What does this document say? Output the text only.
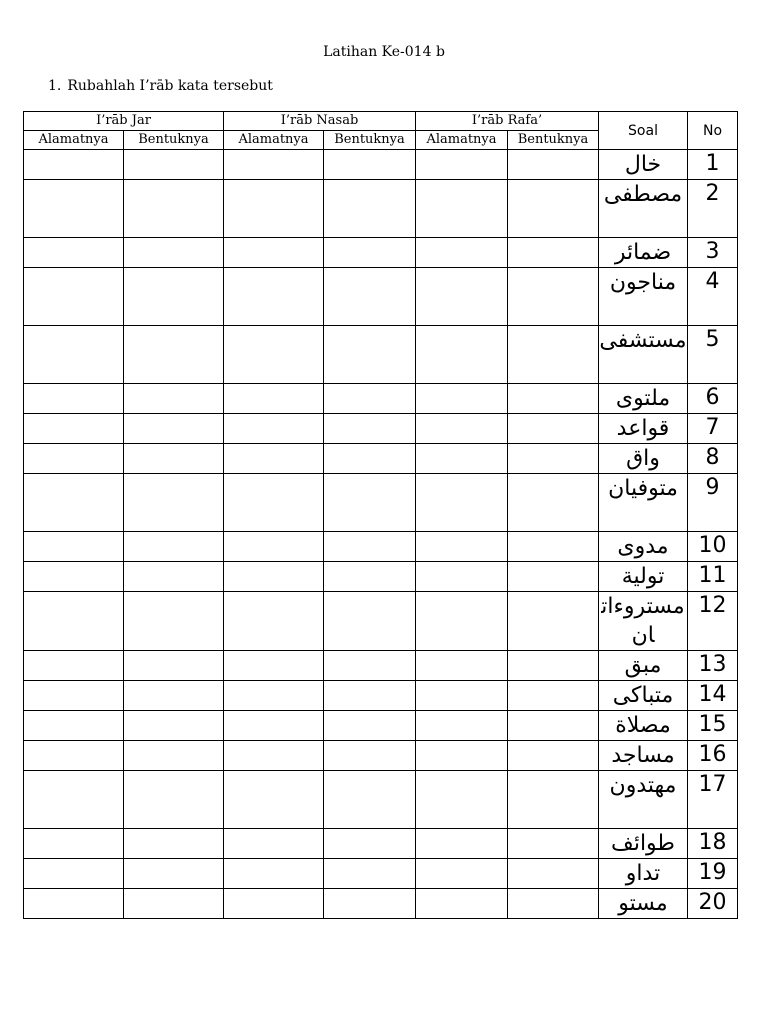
Latihan Ke-014 b
1. Rubahlah I’rāb kata tersebut
I’rāb Jar		I’rāb Nasab		I’rāb Rafa’		Soal	No
Alamatnya	Bentuknya	Alamatnya	Bentuknya	Alamatnya	Bentuknya		
						خال	1
						مصطفى	2
						ضمائر	3
						مناجون	4
						مستشفى	5
						ملتوى	6
						قواعد	7
						واق	8
						متوفيان	9
						مدوى	10
						تولية	11
						مستروءاتان	12
						مبق	13
						متباكى	14
						مصلاة	15
						مساجد	16
						مهتدون	17
						طوائف	18
						تداو	19
						مستو	20
